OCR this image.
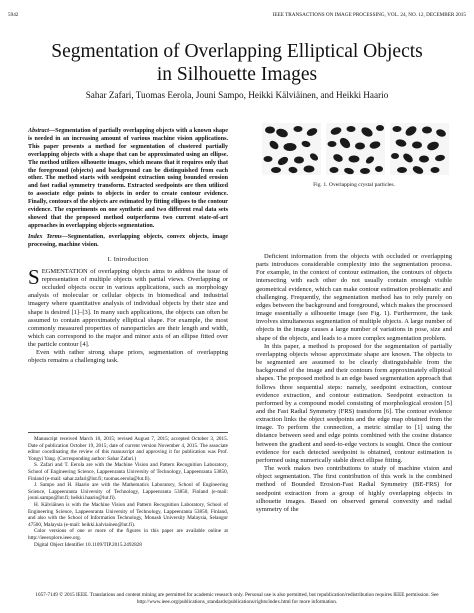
5942	IEEE TRANSACTIONS ON IMAGE PROCESSING, VOL. 24, NO. 12, DECEMBER 2015
Segmentation of Overlapping Elliptical Objects
in Silhouette Images
Sahar Zafari, Tuomas Eerola, Jouni Sampo, Heikki Kälviäinen, and Heikki Haario
Abstract—Segmentation of partially overlapping objects with a known shape is needed in an increasing amount of various machine vision applications. This paper presents a method for segmentation of clustered partially overlapping objects with a shape that can be approximated using an ellipse. The method utilizes silhouette images, which means that it requires only that the foreground (objects) and background can be distinguished from each other. The method starts with seedpoint extraction using bounded erosion and fast radial symmetry transform. Extracted seedpoints are then utilized to associate edge points to objects in order to create contour evidence. Finally, contours of the objects are estimated by fitting ellipses to the contour evidence. The experiments on one synthetic and two different real data sets showed that the proposed method outperforms two current state-of-art approaches in overlapping objects segmentation.
Index Terms—Segmentation, overlapping objects, convex objects, image processing, machine vision.
I. Introduction

SEGMENTATION of overlapping objects aims to address the issue of representation of multiple objects with partial views. Overlapping or occluded objects occur in various applications, such as morphology analysis of molecular or cellular objects in biomedical and industrial imagery where quantitative analysis of individual objects by their size and shape is desired [1]–[3]. In many such applications, the objects can often be assumed to contain approximately elliptical shape. For example, the most commonly measured properties of nanoparticles are their length and width, which can correspond to the major and minor axis of an ellipse fitted over the particle contour [4].

Even with rather strong shape priors, segmentation of overlapping objects remains a challenging task.

Manuscript received March 16, 2015; revised August 7, 2015; accepted October 3, 2015. Date of publication October 19, 2015; date of current version November 4, 2015. The associate editor coordinating the review of this manuscript and approving it for publication was Prof. Yongyi Yang. (Corresponding author: Sahar Zafari.)

S. Zafari and T. Eerola are with the Machine Vision and Pattern Recognition Laboratory, School of Engineering Science, Lappeenranta University of Technology, Lappeenranta 53850, Finland (e-mail: sahar.zafari@lut.fi; tuomas.eerola@lut.fi).

J. Sampo and H. Haario are with the Mathematics Laboratory, School of Engineering Science, Lappeenranta University of Technology, Lappeenranta 53850, Finland (e-mail: jouni.sampo@lut.fi; heikki.haario@lut.fi).

H. Kälviäinen is with the Machine Vision and Pattern Recognition Laboratory, School of Engineering Science, Lappeenranta University of Technology, Lappeenranta 53850, Finland, and also with the School of Information Technology, Monash University Malaysia, Selangor 47500, Malaysia (e-mail: heikki.kalviainen@lut.fi).

Color versions of one or more of the figures in this paper are available online at http://ieeexplore.ieee.org.

Digital Object Identifier 10.1109/TIP.2015.2492828

Fig. 1. Overlapping crystal particles.

Deficient information from the objects with occluded or overlapping parts introduces considerable complexity into the segmentation process. For example, in the context of contour estimation, the contours of objects intersecting with each other do not usually contain enough visible geometrical evidence, which can make contour estimation problematic and challenging. Frequently, the segmentation method has to rely purely on edges between the background and foreground, which makes the processed image essentially a silhouette image (see Fig. 1). Furthermore, the task involves simultaneous segmentation of multiple objects. A large number of objects in the image causes a large number of variations in pose, size and shape of the objects, and leads to a more complex segmentation problem.

In this paper, a method is proposed for the segmentation of partially overlapping objects whose approximate shape are known. The objects to be segmented are assumed to be clearly distinguishable from the background of the image and their contours form approximately elliptical shapes. The proposed method is an edge based segmentation approach that follows three sequential steps: namely, seedpoint extraction, contour evidence extraction, and contour estimation. Seedpoint extraction is performed by a compound model consisting of morphological erosion [5] and the Fast Radial Symmetry (FRS) transform [6]. The contour evidence extraction links the object seedpoints and the edge map obtained from the image. To perform the connection, a metric similar to [1] using the distance between seed and edge points combined with the cosine distance between the gradient and seed-to-edge vectors is sought. Once the contour evidence for each detected seedpoint is obtained, contour estimation is performed using numerically stable direct ellipse fitting.

The work makes two contributions to study of machine vision and object segmentation. The first contribution of this work is the combined method of Bounded Erosion-Fast Radial Symmetry (BE-FRS) for seedpoint extraction from a group of highly overlapping objects in silhouette images. Based on observed general convexity and radial symmetry of the

1057-7149 © 2015 IEEE. Translations and content mining are permitted for academic research only. Personal use is also permitted, but republication/redistribution requires IEEE permission. See http://www.ieee.org/publications_standards/publications/rights/index.html for more information.
